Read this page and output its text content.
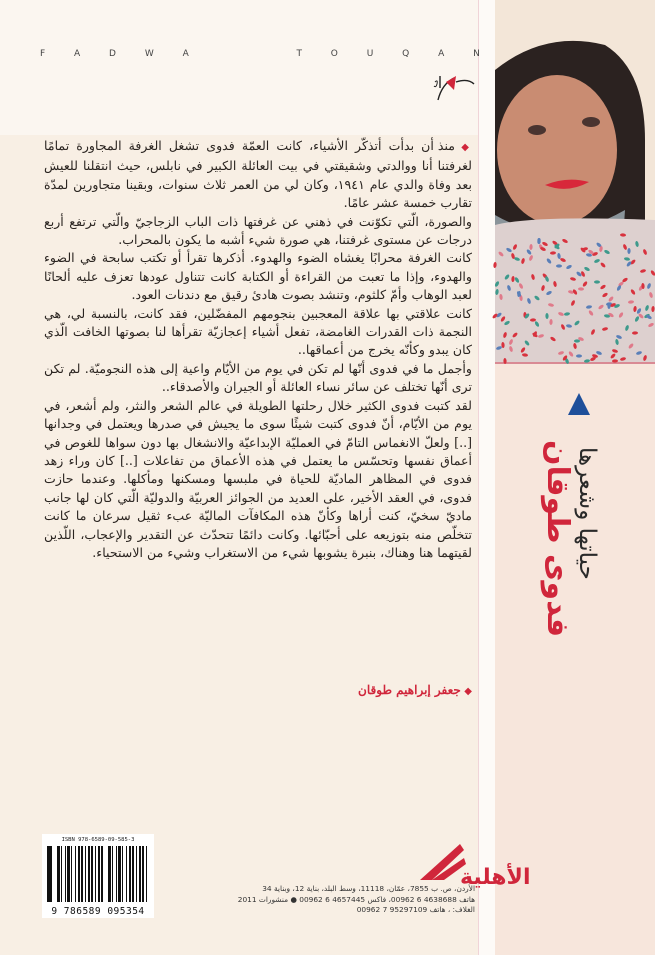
F	A	D	W	A	T	O	U	Q	A	N

◆ منذ أن بدأت أتذكّر الأشياء، كانت العمّة فدوى تشغل الغرفة المجاورة تمامًا لغرفتنا أنا ووالدتي وشقيقتي في بيت العائلة الكبير في نابلس، حيث انتقلنا للعيش بعد وفاة والدي عام ١٩٤١، وكان لي من العمر ثلاث سنوات، وبقينا متجاورين لمدّة تقارب خمسة عشر عامًا.

والصورة، الّتي تكوّنت في ذهني عن غرفتها ذات الباب الزجاجيّ والّتي ترتفع أربع درجات عن مستوى غرفتنا، هي صورة شيء أشبه ما يكون بالمحراب.

كانت الغرفة محرابًا يغشاه الضوء والهدوء. أذكرها تقرأ أو تكتب سابحة في الضوء والهدوء، وإذا ما تعبت من القراءة أو الكتابة كانت تتناول عودها تعزف عليه ألحانًا لعبد الوهاب وأمّ كلثوم، وتنشد بصوت هادئ رقيق مع دندنات العود.

كانت علاقتي بها علاقة المعجبين بنجومهم المفضّلين، فقد كانت، بالنسبة لي، هي النجمة ذات القدرات الغامضة، تفعل أشياء إعجازيّة تقرأها لنا بصوتها الخافت الّذي كان يبدو وكأنّه يخرج من أعماقها..

وأجمل ما في فدوى أنّها لم تكن في يوم من الأيّام واعية إلى هذه النجوميّة. لم تكن ترى أنّها تختلف عن سائر نساء العائلة أو الجيران والأصدقاء..

لقد كتبت فدوى الكثير خلال رحلتها الطويلة في عالم الشعر والنثر، ولم أشعر، في يوم من الأيّام، أنّ فدوى كتبت شيئًا سوى ما يجيش في صدرها ويعتمل في وجدانها [..] ولعلّ الانغماس التامّ في العمليّة الإبداعيّة والانشغال بها دون سواها للغوص في أعماق نفسها وتحسّس ما يعتمل في هذه الأعماق من تفاعلات [..] كان وراء زهد فدوى في المظاهر الماديّة للحياة في ملبسها ومسكنها ومأكلها. وعندما حازت فدوى، في العقد الأخير، على العديد من الجوائز العربيّة والدوليّة الّتي كان لها جانب ماديّ سخيّ، كنت أراها وكأنّ هذه المكافآت الماليّة عبء ثقيل سرعان ما كانت تتخلّص منه بتوزيعه على أحبّائها. وكانت دائمًا تتحدّث عن التقدير والإعجاب، اللّذين لقيتهما هنا وهناك، بنبرة يشوبها شيء من الاستغراب وشيء من الاستحياء.

◆ جعفر إبراهيم طوقان
ISBN 978-6589-09-585-3
9 786589 095354
الأهلية
الأردن، ص. ب 7855، عمّان، 11118، وسط البلد، بناية 12، وبناية 34
هاتف 4638688 6 00962، فاكس 4657445 6 00962 ● منشورات 2011
الغلاف: ، هاتف 95297109 7 00962
فدوى طوقان حياتها وشعرها
